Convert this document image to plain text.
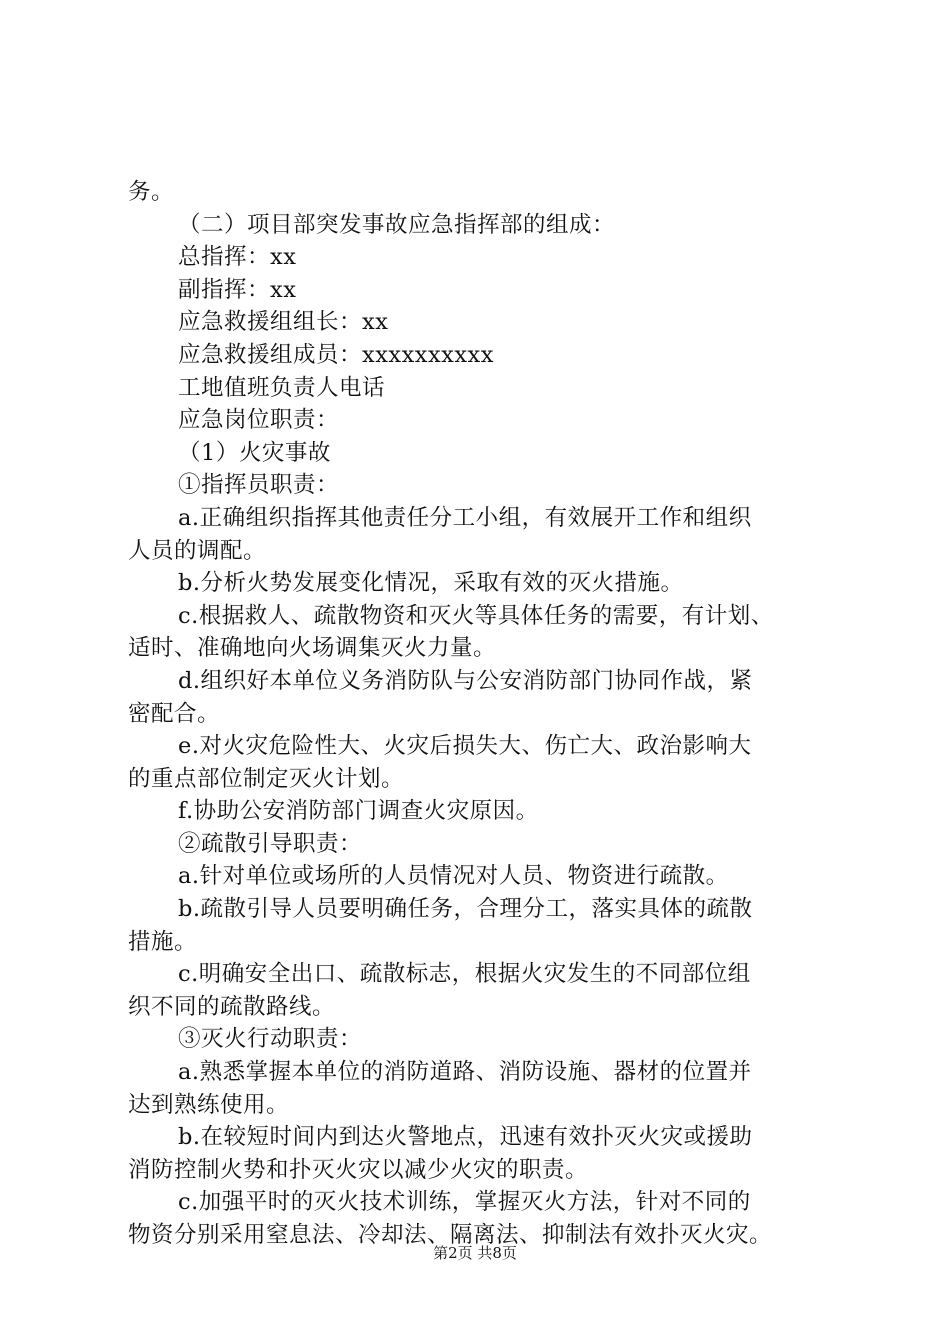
务。
（二）项目部突发事故应急指挥部的组成：
总指挥：xx
副指挥：xx
应急救援组组长：xx
应急救援组成员：xxxxxxxxxx
工地值班负责人电话
应急岗位职责：
（1）火灾事故
①指挥员职责：
a.正确组织指挥其他责任分工小组，有效展开工作和组织
人员的调配。
b.分析火势发展变化情况，采取有效的灭火措施。
c.根据救人、疏散物资和灭火等具体任务的需要，有计划、
适时、准确地向火场调集灭火力量。
d.组织好本单位义务消防队与公安消防部门协同作战，紧
密配合。
e.对火灾危险性大、火灾后损失大、伤亡大、政治影响大
的重点部位制定灭火计划。
f.协助公安消防部门调查火灾原因。
②疏散引导职责：
a.针对单位或场所的人员情况对人员、物资进行疏散。
b.疏散引导人员要明确任务，合理分工，落实具体的疏散
措施。
c.明确安全出口、疏散标志，根据火灾发生的不同部位组
织不同的疏散路线。
③灭火行动职责：
a.熟悉掌握本单位的消防道路、消防设施、器材的位置并
达到熟练使用。
b.在较短时间内到达火警地点，迅速有效扑灭火灾或援助
消防控制火势和扑灭火灾以减少火灾的职责。
c.加强平时的灭火技术训练，掌握灭火方法，针对不同的
物资分别采用窒息法、冷却法、隔离法、抑制法有效扑灭火灾。
第2页 共8页
